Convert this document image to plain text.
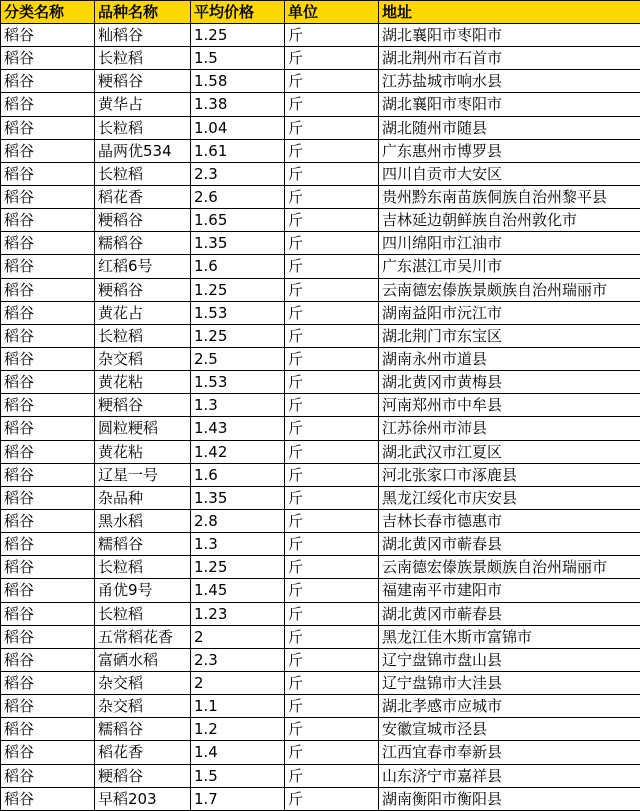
分类名称	品种名称	平均价格	单位	地址
稻谷	籼稻谷	1.25	斤	湖北襄阳市枣阳市
稻谷	长粒稻	1.5	斤	湖北荆州市石首市
稻谷	粳稻谷	1.58	斤	江苏盐城市响水县
稻谷	黄华占	1.38	斤	湖北襄阳市枣阳市
稻谷	长粒稻	1.04	斤	湖北随州市随县
稻谷	晶两优534	1.61	斤	广东惠州市博罗县
稻谷	长粒稻	2.3	斤	四川自贡市大安区
稻谷	稻花香	2.6	斤	贵州黔东南苗族侗族自治州黎平县
稻谷	粳稻谷	1.65	斤	吉林延边朝鲜族自治州敦化市
稻谷	糯稻谷	1.35	斤	四川绵阳市江油市
稻谷	红稻6号	1.6	斤	广东湛江市吴川市
稻谷	粳稻谷	1.25	斤	云南德宏傣族景颇族自治州瑞丽市
稻谷	黄花占	1.53	斤	湖南益阳市沅江市
稻谷	长粒稻	1.25	斤	湖北荆门市东宝区
稻谷	杂交稻	2.5	斤	湖南永州市道县
稻谷	黄花粘	1.53	斤	湖北黄冈市黄梅县
稻谷	粳稻谷	1.3	斤	河南郑州市中牟县
稻谷	圆粒粳稻	1.43	斤	江苏徐州市沛县
稻谷	黄花粘	1.42	斤	湖北武汉市江夏区
稻谷	辽星一号	1.6	斤	河北张家口市涿鹿县
稻谷	杂品种	1.35	斤	黑龙江绥化市庆安县
稻谷	黑水稻	2.8	斤	吉林长春市德惠市
稻谷	糯稻谷	1.3	斤	湖北黄冈市蕲春县
稻谷	长粒稻	1.25	斤	云南德宏傣族景颇族自治州瑞丽市
稻谷	甬优9号	1.45	斤	福建南平市建阳市
稻谷	长粒稻	1.23	斤	湖北黄冈市蕲春县
稻谷	五常稻花香	2	斤	黑龙江佳木斯市富锦市
稻谷	富硒水稻	2.3	斤	辽宁盘锦市盘山县
稻谷	杂交稻	2	斤	辽宁盘锦市大洼县
稻谷	杂交稻	1.1	斤	湖北孝感市应城市
稻谷	糯稻谷	1.2	斤	安徽宣城市泾县
稻谷	稻花香	1.4	斤	江西宜春市奉新县
稻谷	粳稻谷	1.5	斤	山东济宁市嘉祥县
稻谷	早稻203	1.7	斤	湖南衡阳市衡阳县
